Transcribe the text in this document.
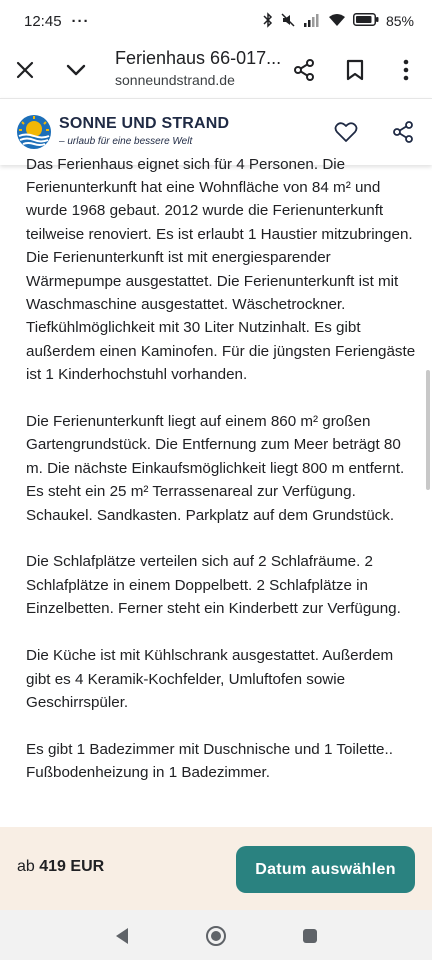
12:45 ···	85%
Ferienhaus 66-017...
sonneundstrand.de
SONNE UND STRAND
– urlaub für eine bessere Welt

Das Ferienhaus eignet sich für 4 Personen. Die Ferienunterkunft hat eine Wohnfläche von 84 m² und wurde 1968 gebaut. 2012 wurde die Ferienunterkunft teilweise renoviert. Es ist erlaubt 1 Haustier mitzubringen. Die Ferienunterkunft ist mit energiesparender Wärmepumpe ausgestattet. Die Ferienunterkunft ist mit Waschmaschine ausgestattet. Wäschetrockner. Tiefkühlmöglichkeit mit 30 Liter Nutzinhalt. Es gibt außerdem einen Kaminofen. Für die jüngsten Feriengäste ist 1 Kinderhochstuhl vorhanden.

Die Ferienunterkunft liegt auf einem 860 m² großen Gartengrundstück. Die Entfernung zum Meer beträgt 80 m. Die nächste Einkaufsmöglichkeit liegt 800 m entfernt. Es steht ein 25 m² Terrassenareal zur Verfügung. Schaukel. Sandkasten. Parkplatz auf dem Grundstück.

Die Schlafplätze verteilen sich auf 2 Schlafräume. 2 Schlafplätze in einem Doppelbett. 2 Schlafplätze in Einzelbetten. Ferner steht ein Kinderbett zur Verfügung.

Die Küche ist mit Kühlschrank ausgestattet. Außerdem gibt es 4 Keramik-Kochfelder, Umluftofen sowie Geschirrspüler.

Es gibt 1 Badezimmer mit Duschnische und 1 Toilette.. Fußbodenheizung in 1 Badezimmer.

ab 419 EUR	Datum auswählen
